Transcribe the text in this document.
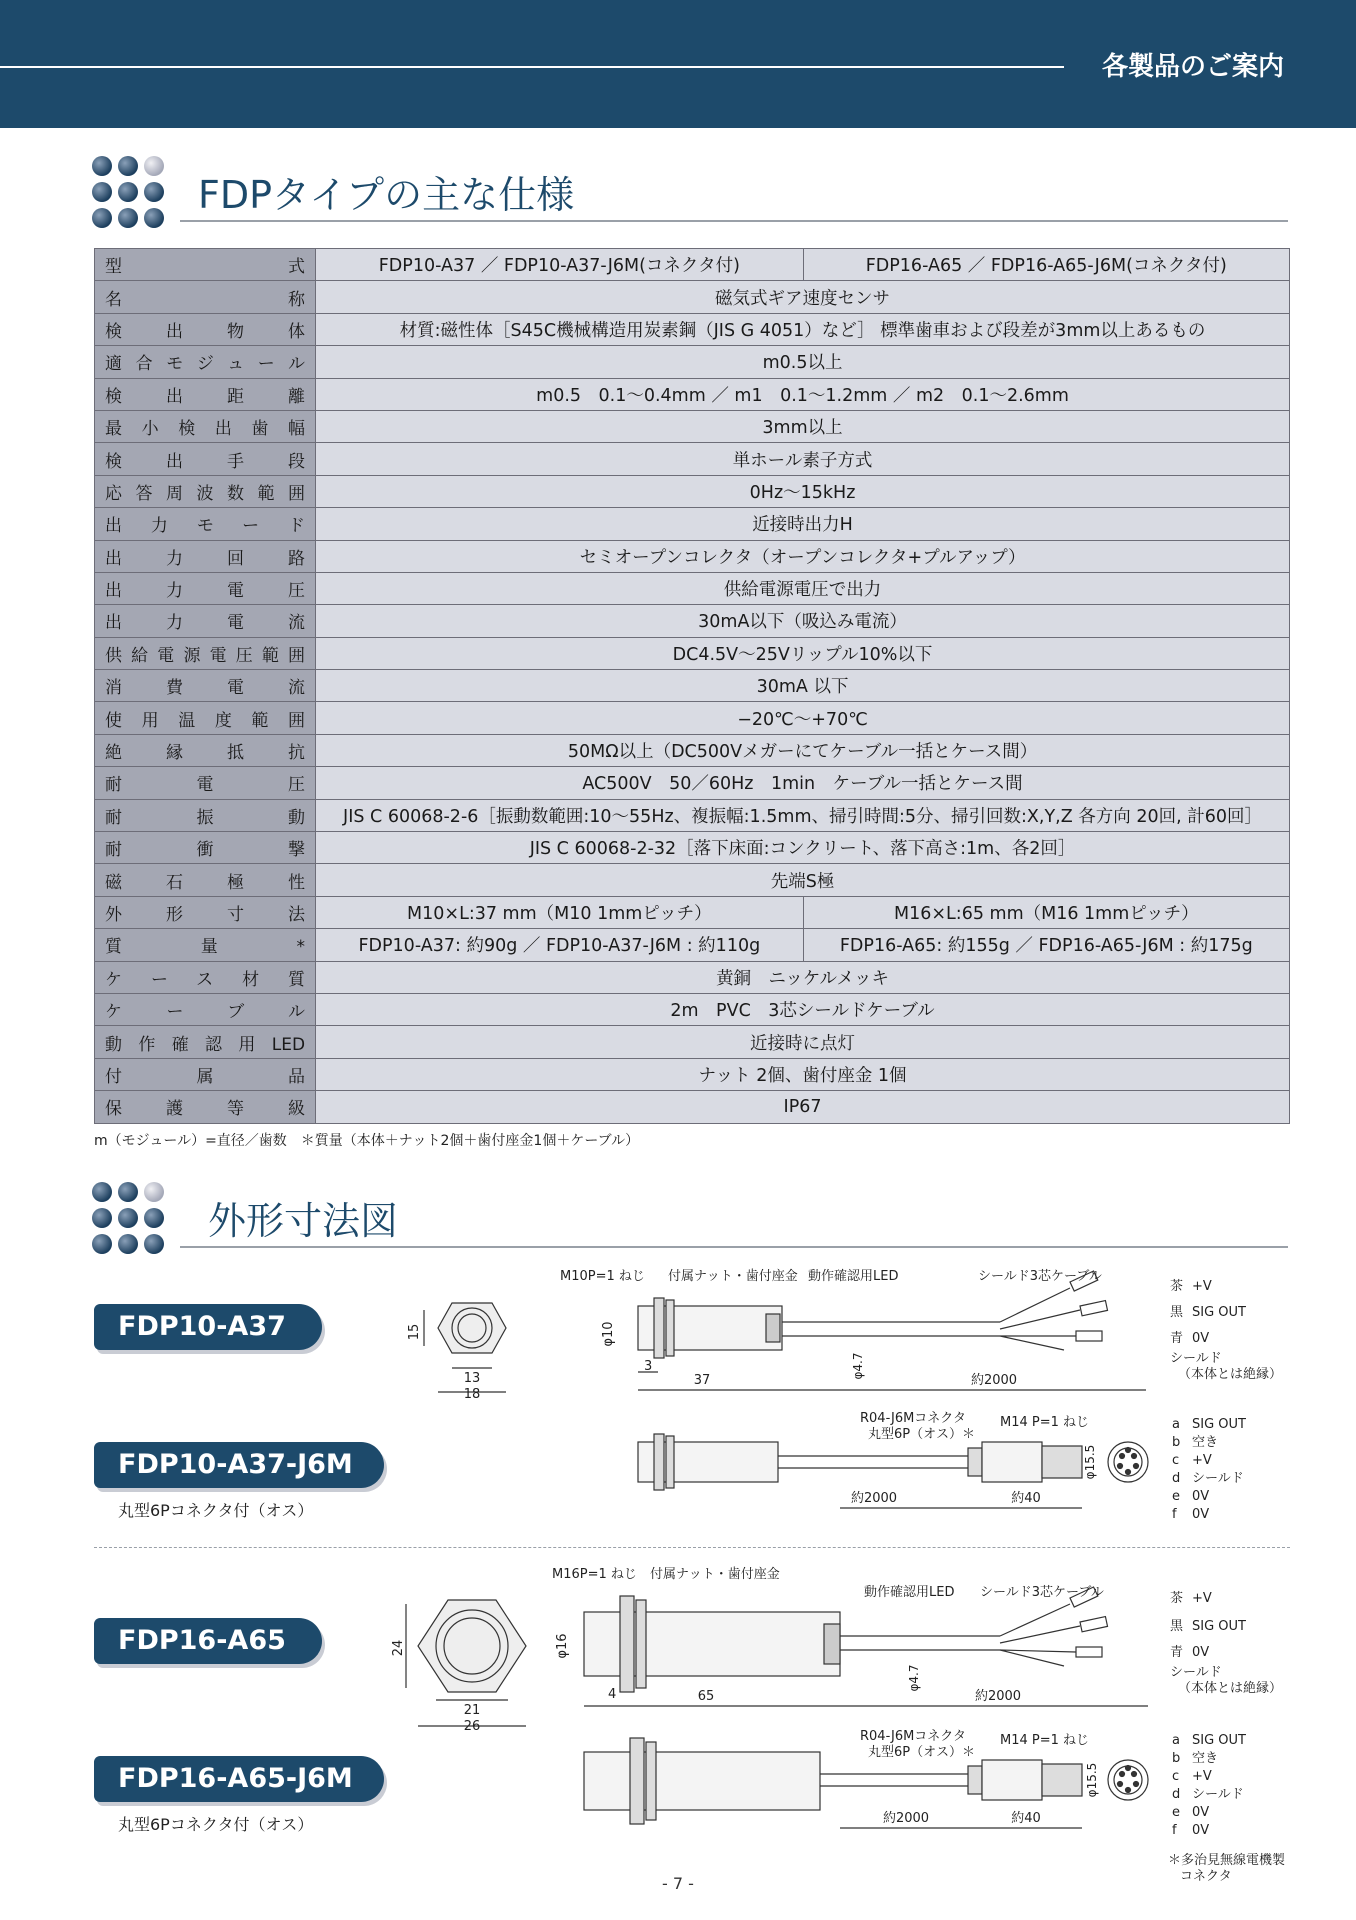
各製品のご案内
FDPタイプの主な仕様
型式	FDP10-A37 ／ FDP10-A37-J6M(コネクタ付)	FDP16-A65 ／ FDP16-A65-J6M(コネクタ付)

名称	磁気式ギア速度センサ	

検出物体	材質:磁性体［S45C機械構造用炭素鋼（JIS G 4051）など］ 標準歯車および段差が3mm以上あるもの	

適合モジュール	m0.5以上	

検出距離	m0.5　0.1〜0.4mm ／ m1　0.1〜1.2mm ／ m2　0.1〜2.6mm	

最小検出歯幅	3mm以上	

検出手段	単ホール素子方式	

応答周波数範囲	0Hz〜15kHz	

出力モード	近接時出力H	

出力回路	セミオープンコレクタ（オープンコレクタ+プルアップ）	

出力電圧	供給電源電圧で出力	

出力電流	30mA以下（吸込み電流）	

供給電源電圧範囲	DC4.5V〜25Vリップル10%以下	

消費電流	30mA 以下	

使用温度範囲	−20℃〜+70℃	

絶縁抵抗	50MΩ以上（DC500Vメガーにてケーブル一括とケース間）	

耐電圧	AC500V　50／60Hz　1min　ケーブル一括とケース間	

耐振動	JIS C 60068-2-6［振動数範囲:10〜55Hz、複振幅:1.5mm、掃引時間:5分、掃引回数:X,Y,Z 各方向 20回, 計60回］	

耐衝撃	JIS C 60068-2-32［落下床面:コンクリート、落下高さ:1m、各2回］	

磁石極性	先端S極	

外形寸法	M10×L:37 mm（M10 1mmピッチ）	M16×L:65 mm（M16 1mmピッチ）

質量*	FDP10-A37: 約90g ／ FDP10-A37-J6M : 約110g	FDP16-A65: 約155g ／ FDP16-A65-J6M : 約175g

ケース材質	黄銅　ニッケルメッキ	

ケーブル	2m　PVC　3芯シールドケーブル	

動作確認用LED	近接時に点灯	

付属品	ナット 2個、歯付座金 1個	

保護等級	IP67	
m（モジュール）=直径／歯数　＊質量（本体＋ナット2個＋歯付座金1個＋ケーブル）
外形寸法図
FDP10-A37
FDP10-A37-J6M
丸型6Pコネクタ付（オス）
FDP16-A65
FDP16-A65-J6M
丸型6Pコネクタ付（オス）
15
13
18
M10P=1 ねじ 付属ナット・歯付座金 動作確認用LED	シールド3芯ケーブル
φ10
φ4.7
3
37	約2000
茶 +V
黒 SIG OUT
青 0V
シールド
（本体とは絶縁）
R04-J6Mコネクタ
丸型6P（オス）＊
M14 P=1 ねじ
φ15.5
約2000	約40
a SIG OUT
b 空き
c +V
d シールド
e 0V
f 0V
24
21
26
M16P=1 ねじ 付属ナット・歯付座金
動作確認用LED シールド3芯ケーブル
φ16
φ4.7
4	65	約2000
茶 +V
黒 SIG OUT
青 0V
シールド
（本体とは絶縁）
R04-J6Mコネクタ
丸型6P（オス）＊
M14 P=1 ねじ
φ15.5
約2000	約40
a SIG OUT
b 空き
c +V
d シールド
e 0V
f 0V
＊多治見無線電機製
コネクタ
- 7 -
